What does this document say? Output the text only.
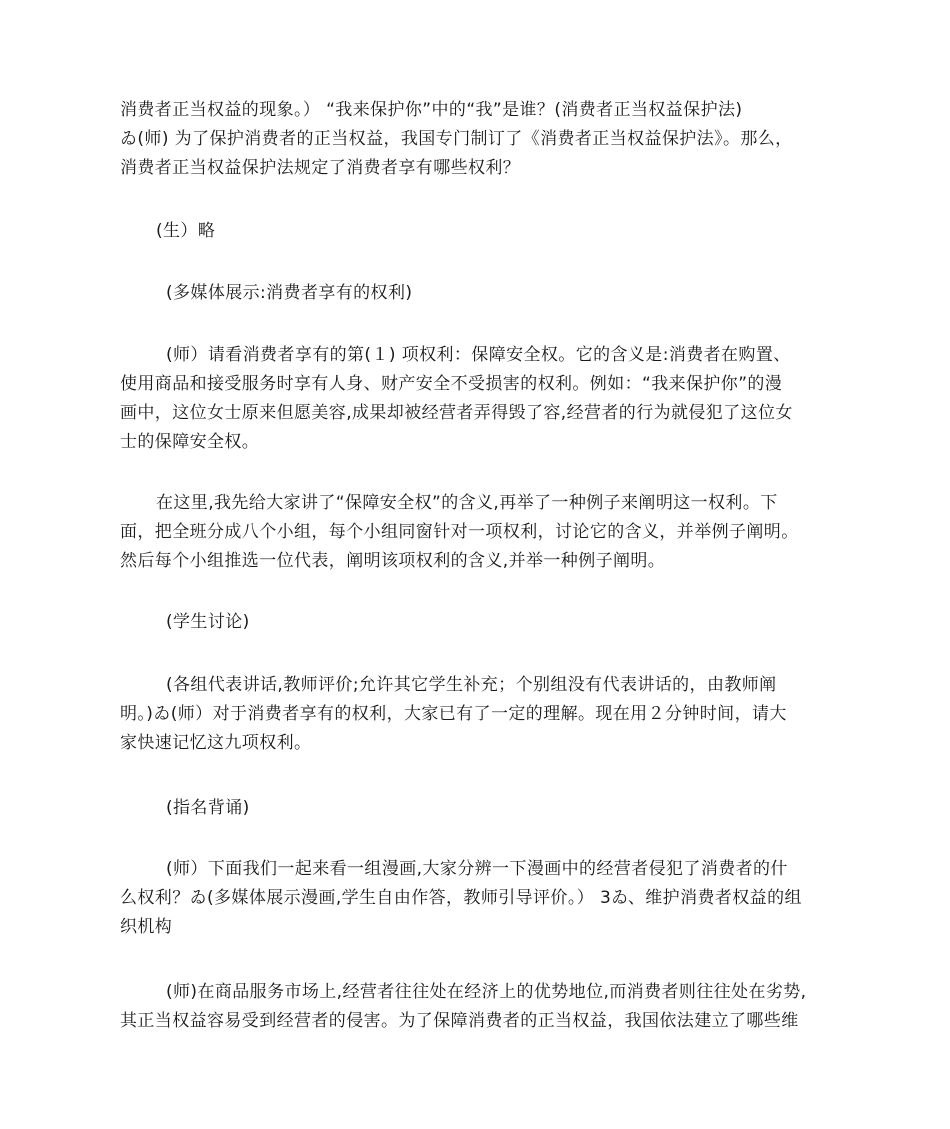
消费者正当权益的现象。） “我来保护你”中的“我”是谁？(消费者正当权益保护法)
ゐ(师) 为了保护消费者的正当权益，我国专门制订了《消费者正当权益保护法》。那么，
消费者正当权益保护法规定了消费者享有哪些权利？
(生）略
(多媒体展示:消费者享有的权利)
(师）请看消费者享有的第(１) 项权利：保障安全权。它的含义是:消费者在购置、
使用商品和接受服务时享有人身、财产安全不受损害的权利。例如：“我来保护你”的漫
画中，这位女士原来但愿美容,成果却被经营者弄得毁了容,经营者的行为就侵犯了这位女
士的保障安全权。
在这里,我先给大家讲了“保障安全权”的含义,再举了一种例子来阐明这一权利。下
面，把全班分成八个小组，每个小组同窗针对一项权利，讨论它的含义，并举例子阐明。
然后每个小组推选一位代表，阐明该项权利的含义,并举一种例子阐明。
(学生讨论)
(各组代表讲话,教师评价;允许其它学生补充；个别组没有代表讲话的，由教师阐
明。)ゐ(师）对于消费者享有的权利，大家已有了一定的理解。现在用２分钟时间，请大
家快速记忆这九项权利。
(指名背诵)
(师）下面我们一起来看一组漫画,大家分辨一下漫画中的经营者侵犯了消费者的什
么权利？ゐ(多媒体展示漫画,学生自由作答，教师引导评价。） 3ゐ、维护消费者权益的组
织机构
(师)在商品服务市场上,经营者往往处在经济上的优势地位,而消费者则往往处在劣势,
其正当权益容易受到经营者的侵害。为了保障消费者的正当权益，我国依法建立了哪些维
